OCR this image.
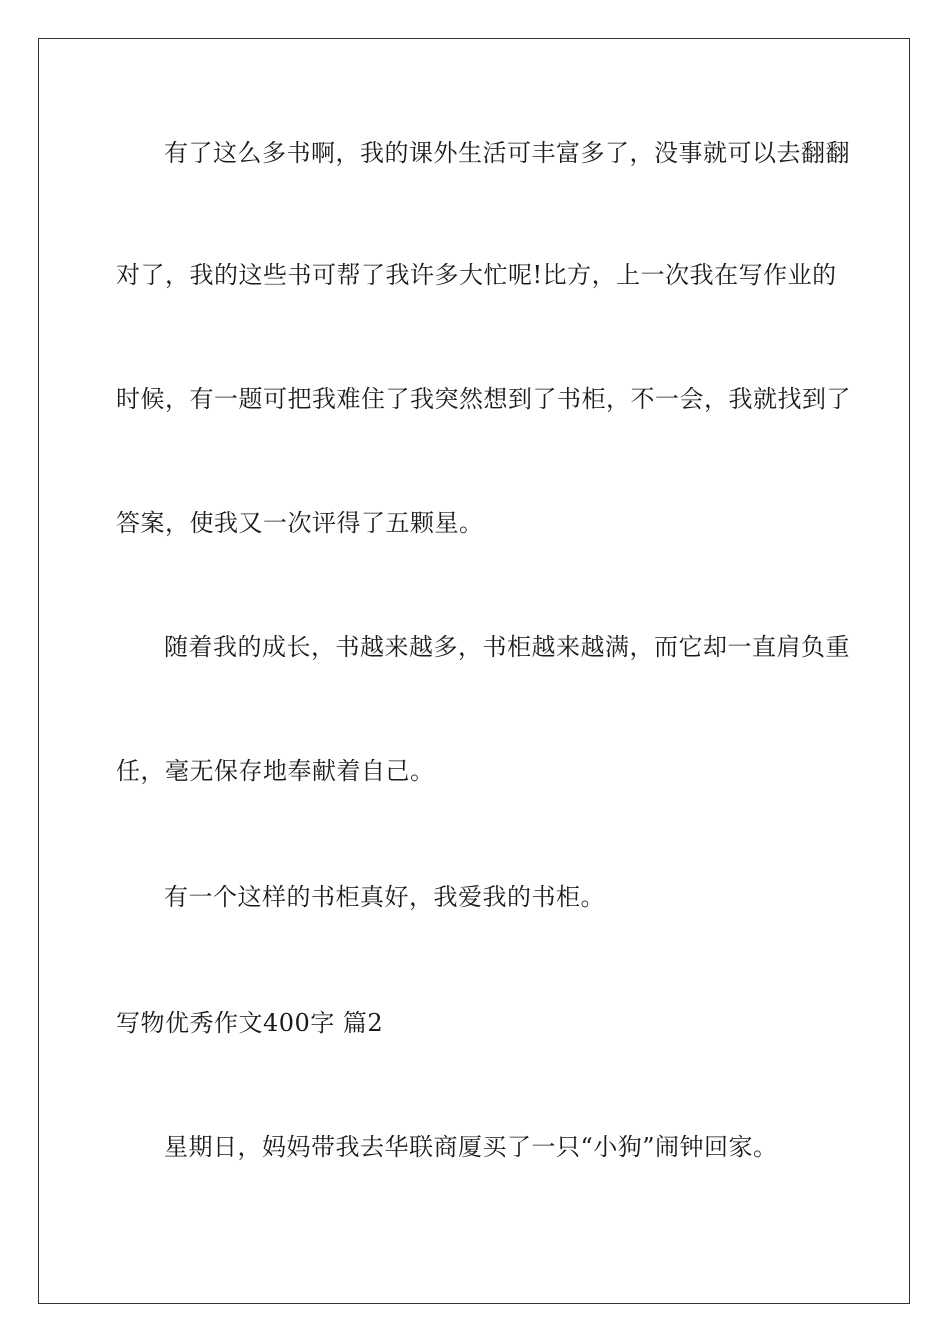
有了这么多书啊，我的课外生活可丰富多了，没事就可以去翻翻
对了，我的这些书可帮了我许多大忙呢!比方，上一次我在写作业的
时候，有一题可把我难住了我突然想到了书柜，不一会，我就找到了
答案，使我又一次评得了五颗星。
随着我的成长，书越来越多，书柜越来越满，而它却一直肩负重
任，毫无保存地奉献着自己。
有一个这样的书柜真好，我爱我的书柜。
写物优秀作文400字 篇2
星期日，妈妈带我去华联商厦买了一只“小狗”闹钟回家。
